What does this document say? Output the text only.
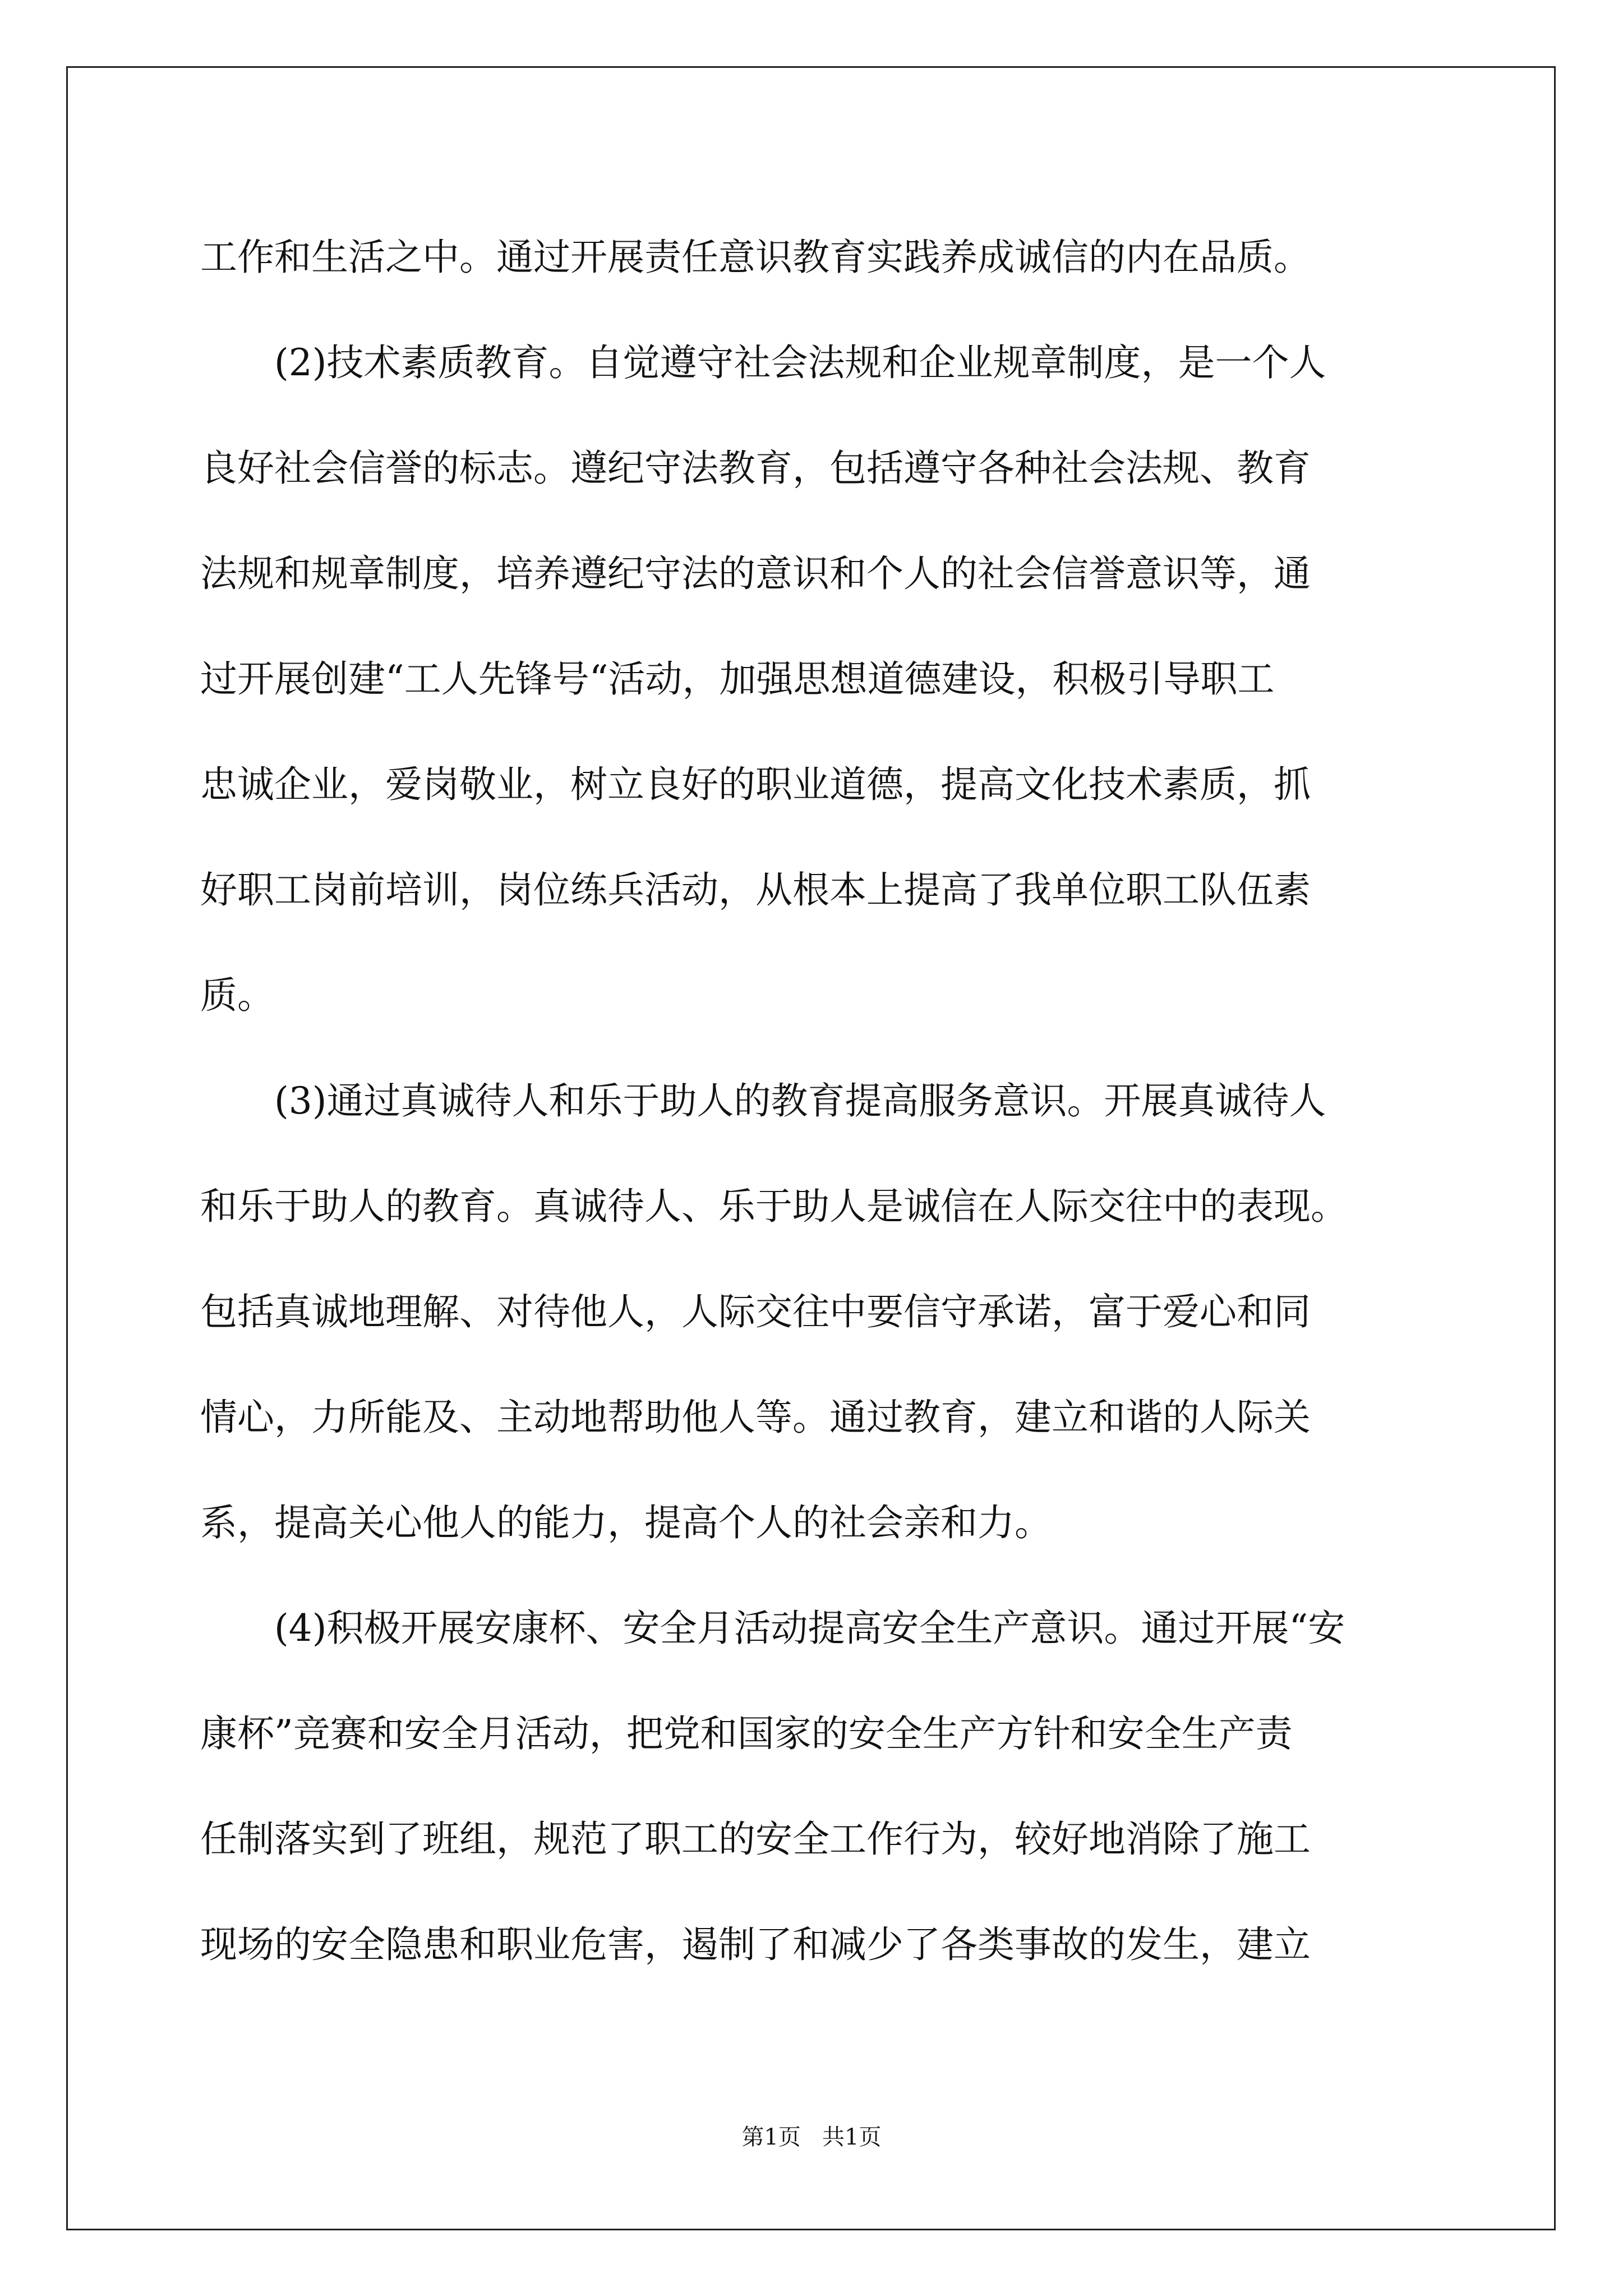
工作和生活之中。通过开展责任意识教育实践养成诚信的内在品质。
(2)技术素质教育。自觉遵守社会法规和企业规章制度，是一个人
良好社会信誉的标志。遵纪守法教育，包括遵守各种社会法规、教育
法规和规章制度，培养遵纪守法的意识和个人的社会信誉意识等，通
过开展创建“工人先锋号“活动，加强思想道德建设，积极引导职工
忠诚企业，爱岗敬业，树立良好的职业道德，提高文化技术素质，抓
好职工岗前培训，岗位练兵活动，从根本上提高了我单位职工队伍素
质。
(3)通过真诚待人和乐于助人的教育提高服务意识。开展真诚待人
和乐于助人的教育。真诚待人、乐于助人是诚信在人际交往中的表现。
包括真诚地理解、对待他人，人际交往中要信守承诺，富于爱心和同
情心，力所能及、主动地帮助他人等。通过教育，建立和谐的人际关
系，提高关心他人的能力，提高个人的社会亲和力。
(4)积极开展安康杯、安全月活动提高安全生产意识。通过开展“安
康杯”竞赛和安全月活动，把党和国家的安全生产方针和安全生产责
任制落实到了班组，规范了职工的安全工作行为，较好地消除了施工
现场的安全隐患和职业危害，遏制了和减少了各类事故的发生，建立
第1页   共1页
